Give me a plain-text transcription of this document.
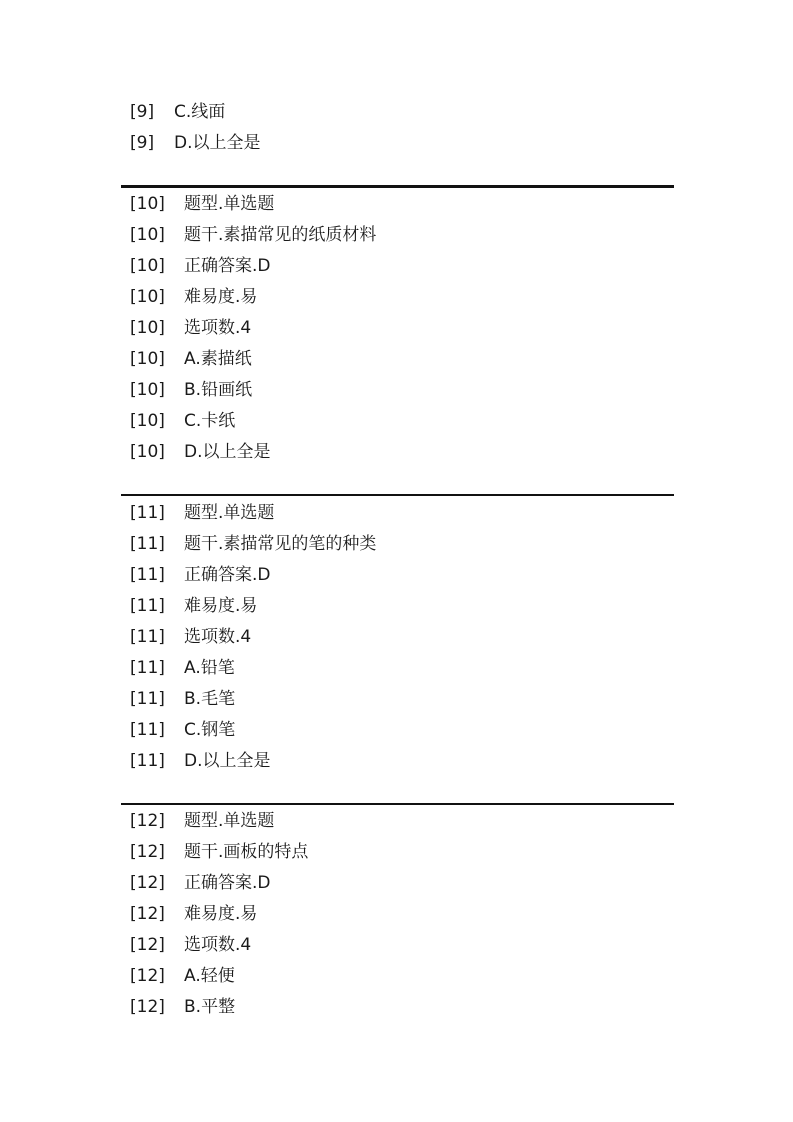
[9]	C.线面
[9]	D.以上全是
[10]	题型.单选题
[10]	题干.素描常见的纸质材料
[10]	正确答案.D
[10]	难易度.易
[10]	选项数.4
[10]	A.素描纸
[10]	B.铅画纸
[10]	C.卡纸
[10]	D.以上全是
[11]	题型.单选题
[11]	题干.素描常见的笔的种类
[11]	正确答案.D
[11]	难易度.易
[11]	选项数.4
[11]	A.铅笔
[11]	B.毛笔
[11]	C.钢笔
[11]	D.以上全是
[12]	题型.单选题
[12]	题干.画板的特点
[12]	正确答案.D
[12]	难易度.易
[12]	选项数.4
[12]	A.轻便
[12]	B.平整
